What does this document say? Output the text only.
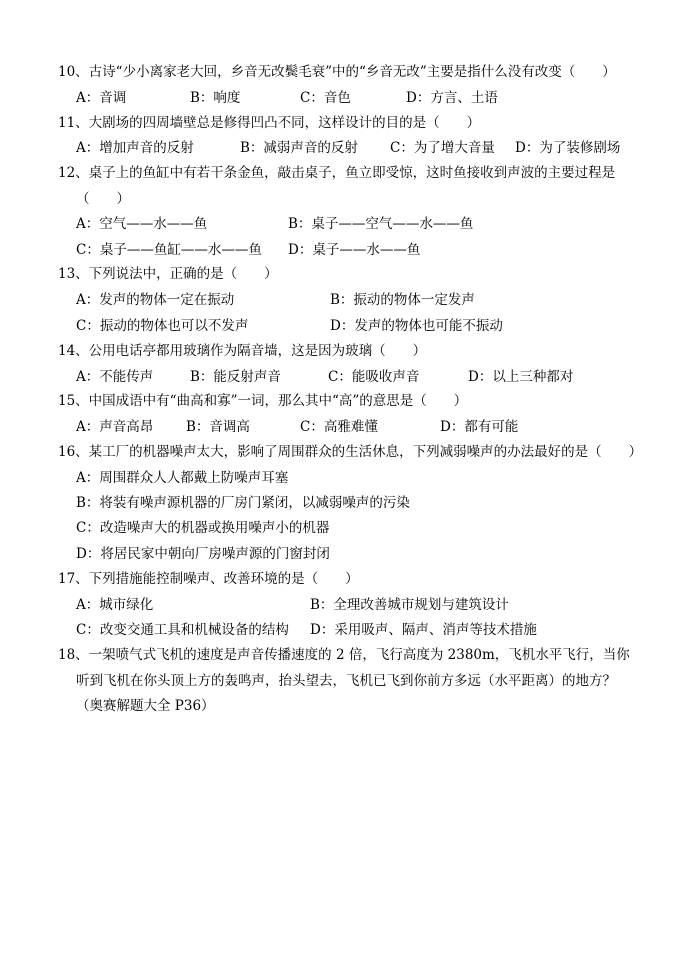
10、古诗“少小离家老大回，乡音无改鬓毛衰”中的“乡音无改”主要是指什么没有改变（　　）
A：音调	B：响度	C：音色	D：方言、土语
11、大剧场的四周墙壁总是修得凹凸不同，这样设计的目的是（　　）
A：增加声音的反射	B：减弱声音的反射 C：为了增大音量 D：为了装修剧场
12、桌子上的鱼缸中有若干条金鱼，敲击桌子，鱼立即受惊，这时鱼接收到声波的主要过程是
（　　）
A：空气——水——鱼	B：桌子——空气——水——鱼
C：桌子——鱼缸——水——鱼 D：桌子——水——鱼
13、下列说法中，正确的是（　　）
A：发声的物体一定在振动	B：振动的物体一定发声
C：振动的物体也可以不发声	D：发声的物体也可能不振动
14、公用电话亭都用玻璃作为隔音墙，这是因为玻璃（　　）
A：不能传声	B：能反射声音	C：能吸收声音	D：以上三种都对
15、中国成语中有“曲高和寡”一词，那么其中“高”的意思是（　　）
A：声音高昂 B：音调高	C：高雅难懂	D：都有可能
16、某工厂的机器噪声太大，影响了周围群众的生活休息，下列减弱噪声的办法最好的是（　　）
A：周围群众人人都戴上防噪声耳塞
B：将装有噪声源机器的厂房门紧闭，以减弱噪声的污染
C：改造噪声大的机器或换用噪声小的机器
D：将居民家中朝向厂房噪声源的门窗封闭
17、下列措施能控制噪声、改善环境的是（　　）
A：城市绿化	B：全理改善城市规划与建筑设计
C：改变交通工具和机械设备的结构 D：采用吸声、隔声、消声等技术措施
18、一架喷气式飞机的速度是声音传播速度的 2 倍，飞行高度为 2380m，飞机水平飞行，当你
听到飞机在你头顶上方的轰鸣声，抬头望去，飞机已飞到你前方多远（水平距离）的地方？
（奥赛解题大全 P36）
